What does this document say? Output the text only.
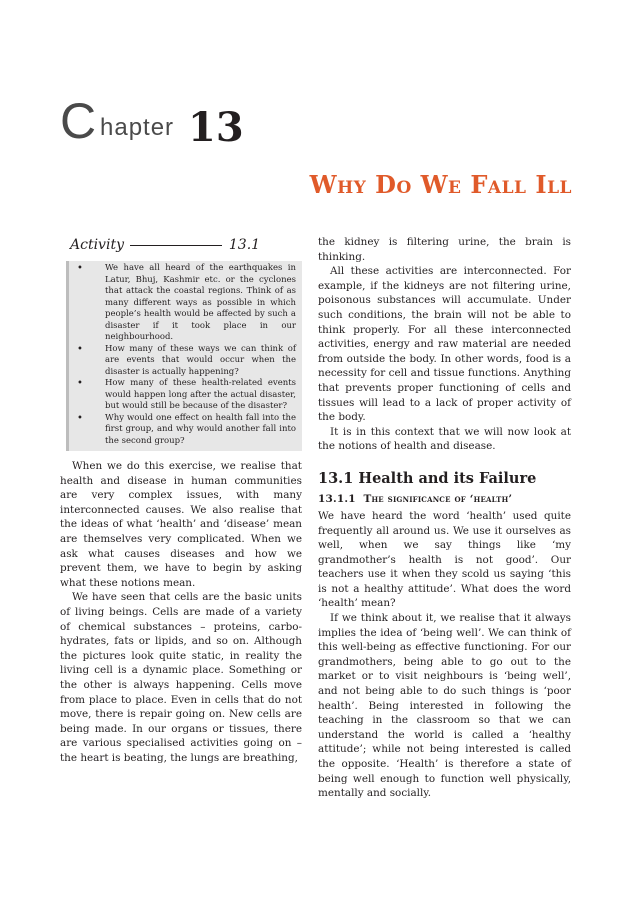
C hapter 13
Why Do We Fall Ill
Activity	13.1
•	We have all heard of the earthquakes in Latur, Bhuj, Kashmir etc. or the cyclones that attack the coastal regions. Think of as many different ways as possible in which people’s health would be affected by such a disaster if it took place in our neighbourhood.
•	How many of these ways we can think of are events that would occur when the disaster is actually happening?
•	How many of these health-related events would happen long after the actual disaster, but would still be because of the disaster?
•	Why would one effect on health fall into the first group, and why would another fall into the second group?

When we do this exercise, we realise that health and disease in human communities are very complex issues, with many interconnected causes. We also realise that the ideas of what ‘health’ and ‘disease’ mean are themselves very complicated. When we ask what causes diseases and how we prevent them, we have to begin by asking what these notions mean.

We have seen that cells are the basic units of living beings. Cells are made of a variety of chemical substances – proteins, carbo-hydrates, fats or lipids, and so on. Although the pictures look quite static, in reality the living cell is a dynamic place. Something or the other is always happening. Cells move from place to place. Even in cells that do not move, there is repair going on. New cells are being made. In our organs or tissues, there are various specialised activities going on – the heart is beating, the lungs are breathing,

the kidney is filtering urine, the brain is thinking.

All these activities are interconnected. For example, if the kidneys are not filtering urine, poisonous substances will accumulate. Under such conditions, the brain will not be able to think properly. For all these interconnected activities, energy and raw material are needed from outside the body. In other words, food is a necessity for cell and tissue functions. Anything that prevents proper functioning of cells and tissues will lead to a lack of proper activity of the body.

It is in this context that we will now look at the notions of health and disease.

13.1 Health and its Failure
13.1.1 The significance of ‘health’

We have heard the word ‘health’ used quite frequently all around us. We use it ourselves as well, when we say things like ‘my grandmother’s health is not good’. Our teachers use it when they scold us saying ‘this is not a healthy attitude’. What does the word ‘health’ mean?

If we think about it, we realise that it always implies the idea of ‘being well’. We can think of this well-being as effective functioning. For our grandmothers, being able to go out to the market or to visit neighbours is ‘being well’, and not being able to do such things is ‘poor health’. Being interested in following the teaching in the classroom so that we can understand the world is called a ‘healthy attitude’; while not being interested is called the opposite. ‘Health’ is therefore a state of being well enough to function well physically, mentally and socially.
